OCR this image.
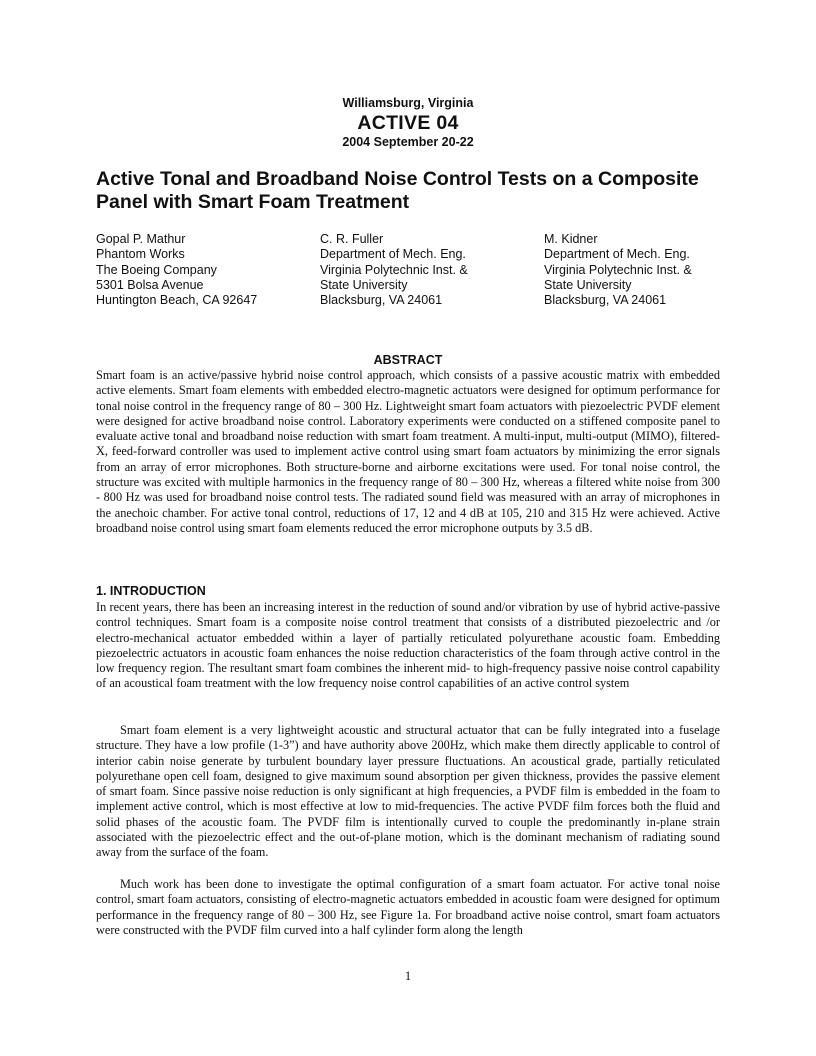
Williamsburg, Virginia
ACTIVE 04
2004 September 20-22
Active Tonal and Broadband Noise Control Tests on a Composite Panel with Smart Foam Treatment
Gopal P. Mathur
Phantom Works
The Boeing Company
5301 Bolsa Avenue
Huntington Beach, CA 92647
C. R. Fuller
Department of Mech. Eng.
Virginia Polytechnic Inst. &
State University
Blacksburg, VA 24061
M. Kidner
Department of Mech. Eng.
Virginia Polytechnic Inst. &
State University
Blacksburg, VA 24061
ABSTRACT

Smart foam is an active/passive hybrid noise control approach, which consists of a passive acoustic matrix with embedded active elements. Smart foam elements with embedded electro-magnetic actuators were designed for optimum performance for tonal noise control in the frequency range of 80 – 300 Hz. Lightweight smart foam actuators with piezoelectric PVDF element were designed for active broadband noise control. Laboratory experiments were conducted on a stiffened composite panel to evaluate active tonal and broadband noise reduction with smart foam treatment. A multi-input, multi-output (MIMO), filtered-X, feed-forward controller was used to implement active control using smart foam actuators by minimizing the error signals from an array of error microphones. Both structure-borne and airborne excitations were used. For tonal noise control, the structure was excited with multiple harmonics in the frequency range of 80 – 300 Hz, whereas a filtered white noise from 300 - 800 Hz was used for broadband noise control tests. The radiated sound field was measured with an array of microphones in the anechoic chamber. For active tonal control, reductions of 17, 12 and 4 dB at 105, 210 and 315 Hz were achieved. Active broadband noise control using smart foam elements reduced the error microphone outputs by 3.5 dB.

1. INTRODUCTION

In recent years, there has been an increasing interest in the reduction of sound and/or vibration by use of hybrid active-passive control techniques. Smart foam is a composite noise control treatment that consists of a distributed piezoelectric and /or electro-mechanical actuator embedded within a layer of partially reticulated polyurethane acoustic foam. Embedding piezoelectric actuators in acoustic foam enhances the noise reduction characteristics of the foam through active control in the low frequency region. The resultant smart foam combines the inherent mid- to high-frequency passive noise control capability of an acoustical foam treatment with the low frequency noise control capabilities of an active control system

Smart foam element is a very lightweight acoustic and structural actuator that can be fully integrated into a fuselage structure. They have a low profile (1-3”) and have authority above 200Hz, which make them directly applicable to control of interior cabin noise generate by turbulent boundary layer pressure fluctuations. An acoustical grade, partially reticulated polyurethane open cell foam, designed to give maximum sound absorption per given thickness, provides the passive element of smart foam. Since passive noise reduction is only significant at high frequencies, a PVDF film is embedded in the foam to implement active control, which is most effective at low to mid-frequencies. The active PVDF film forces both the fluid and solid phases of the acoustic foam. The PVDF film is intentionally curved to couple the predominantly in-plane strain associated with the piezoelectric effect and the out-of-plane motion, which is the dominant mechanism of radiating sound away from the surface of the foam.

Much work has been done to investigate the optimal configuration of a smart foam actuator. For active tonal noise control, smart foam actuators, consisting of electro-magnetic actuators embedded in acoustic foam were designed for optimum performance in the frequency range of 80 – 300 Hz, see Figure 1a. For broadband active noise control, smart foam actuators were constructed with the PVDF film curved into a half cylinder form along the length

1
